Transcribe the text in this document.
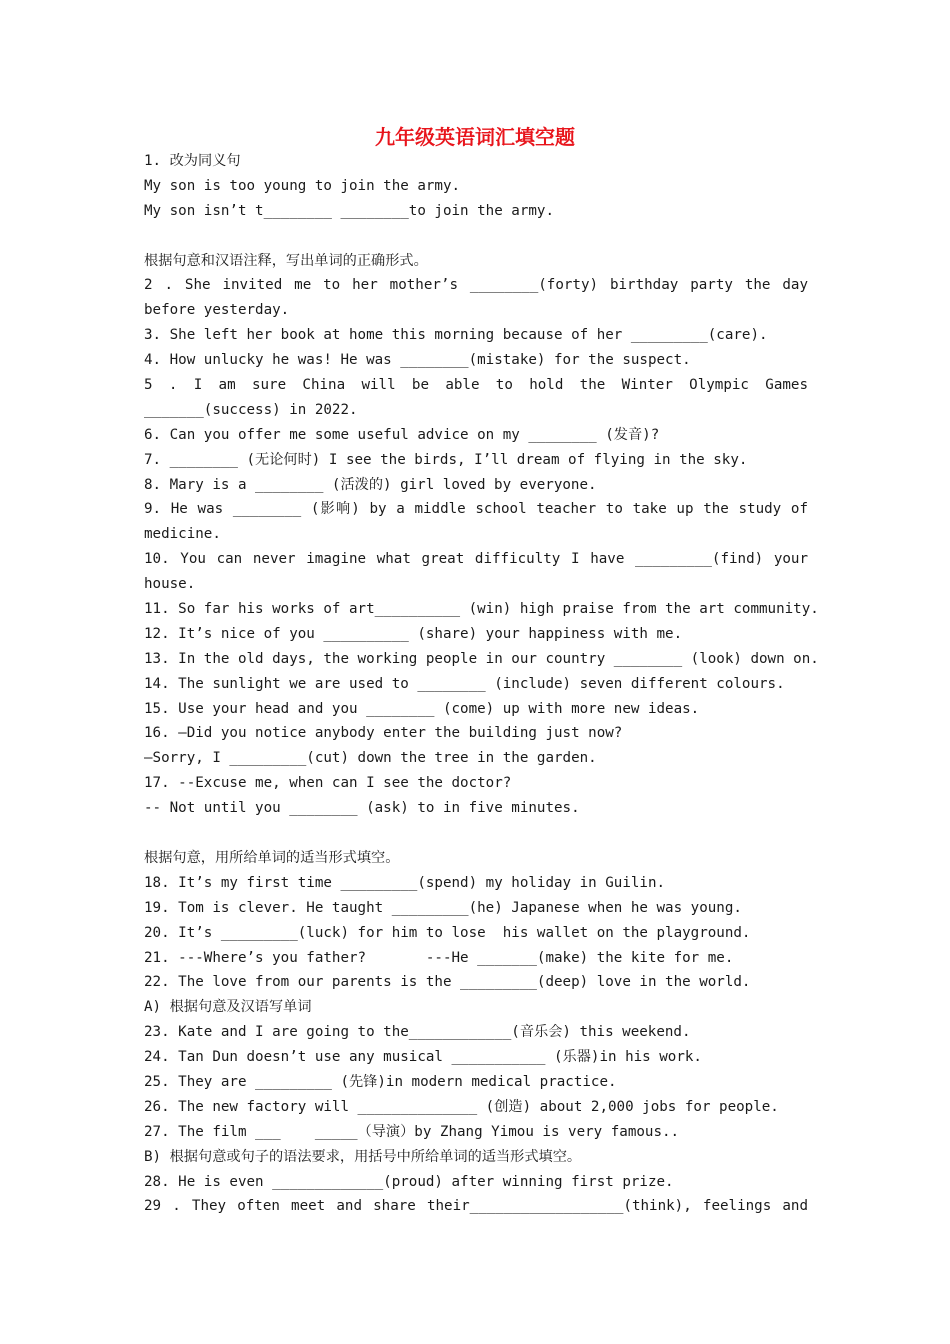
九年级英语词汇填空题
1. 改为同义句
My son is too young to join the army.
My son isn’t t________ ________to join the army.
根据句意和汉语注释，写出单词的正确形式。
2 . She invited me to her mother’s ________(forty) birthday party the day
before yesterday.
3. She left her book at home this morning because of her _________(care).
4. How unlucky he was! He was ________(mistake) for the suspect.
5 . I am sure China will be able to hold the Winter Olympic Games
_______(success) in 2022.
6. Can you offer me some useful advice on my ________ (发音)?
7. ________ (无论何时) I see the birds, I’ll dream of flying in the sky.
8. Mary is a ________ (活泼的) girl loved by everyone.
9. He was ________ (影响) by a middle school teacher to take up the study of
medicine.
10. You can never imagine what great difficulty I have _________(find) your
house.
11. So far his works of art__________ (win) high praise from the art community.
12. It’s nice of you __________ (share) your happiness with me.
13. In the old days, the working people in our country ________ (look) down on.
14. The sunlight we are used to ________ (include) seven different colours.
15. Use your head and you ________ (come) up with more new ideas.
16. —Did you notice anybody enter the building just now?
—Sorry, I _________(cut) down the tree in the garden.
17. --Excuse me, when can I see the doctor?
-- Not until you ________ (ask) to in five minutes.
根据句意，用所给单词的适当形式填空。
18. It’s my first time _________(spend) my holiday in Guilin.
19. Tom is clever. He taught _________(he) Japanese when he was young.
20. It’s _________(luck) for him to lose  his wallet on the playground.
21. ---Where’s you father?       ---He _______(make) the kite for me.
22. The love from our parents is the _________(deep) love in the world.
A) 根据句意及汉语写单词
23. Kate and I are going to the____________(音乐会) this weekend.
24. Tan Dun doesn’t use any musical ___________ (乐器)in his work.
25. They are _________ (先锋)in modern medical practice.
26. The new factory will ______________ (创造) about 2,000 jobs for people.
27. The film ___    _____（导演）by Zhang Yimou is very famous..
B) 根据句意或句子的语法要求，用括号中所给单词的适当形式填空。
28. He is even _____________(proud) after winning first prize.
29 . They often meet and share their__________________(think), feelings and
